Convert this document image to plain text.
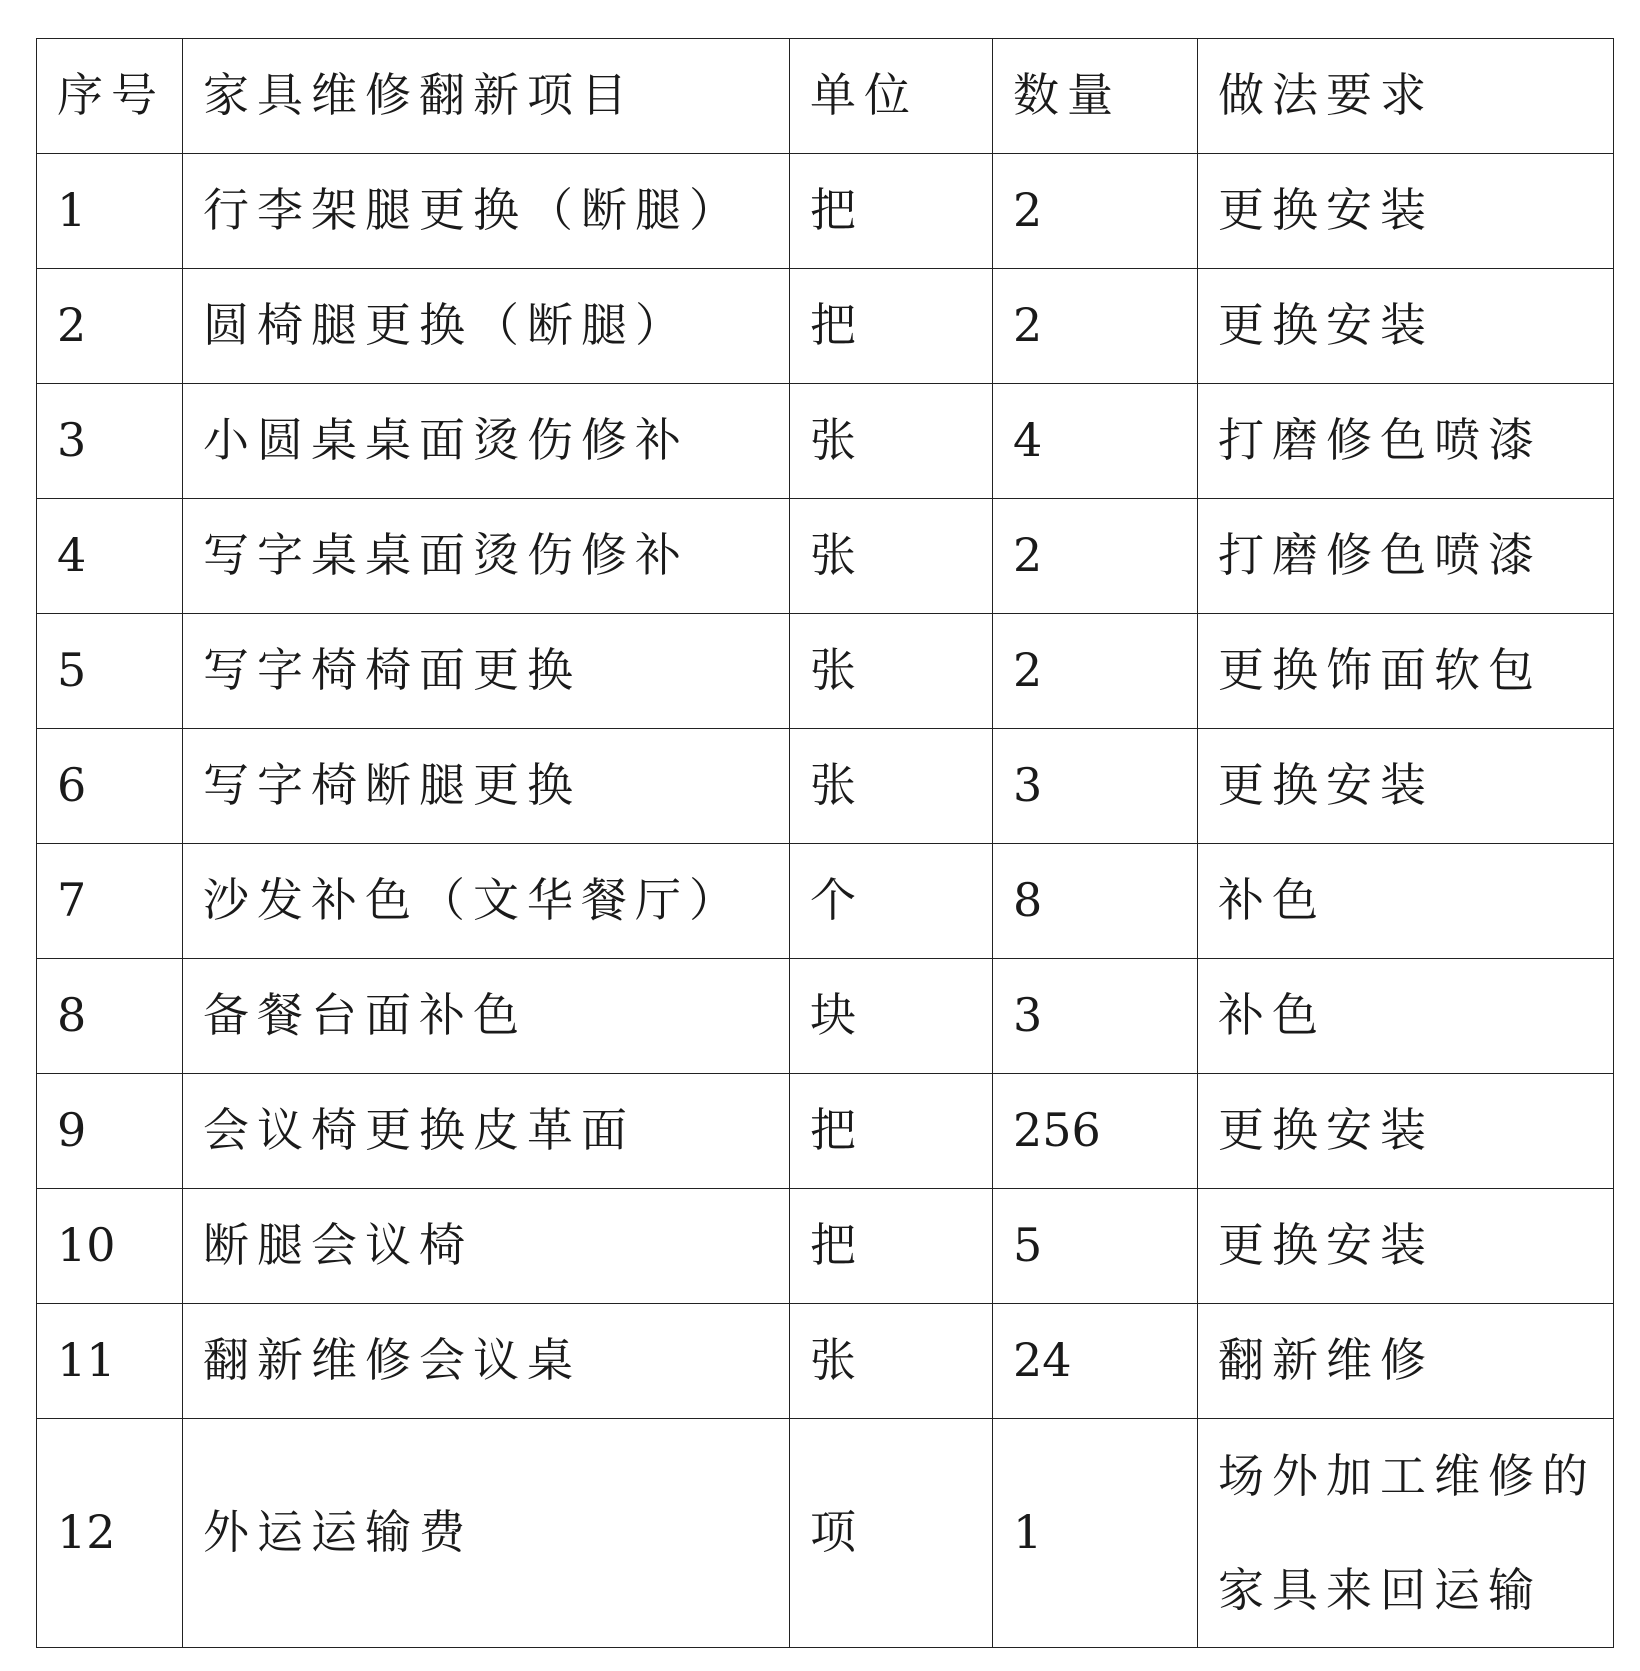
序号	家具维修翻新项目	单位	数量	做法要求
1	行李架腿更换（断腿）	把	2	更换安装
2	圆椅腿更换（断腿）	把	2	更换安装
3	小圆桌桌面烫伤修补	张	4	打磨修色喷漆
4	写字桌桌面烫伤修补	张	2	打磨修色喷漆
5	写字椅椅面更换	张	2	更换饰面软包
6	写字椅断腿更换	张	3	更换安装
7	沙发补色（文华餐厅）	个	8	补色
8	备餐台面补色	块	3	补色
9	会议椅更换皮革面	把	256	更换安装
10	断腿会议椅	把	5	更换安装
11	翻新维修会议桌	张	24	翻新维修
12	外运运输费	项	1	场外加工维修的家具来回运输
